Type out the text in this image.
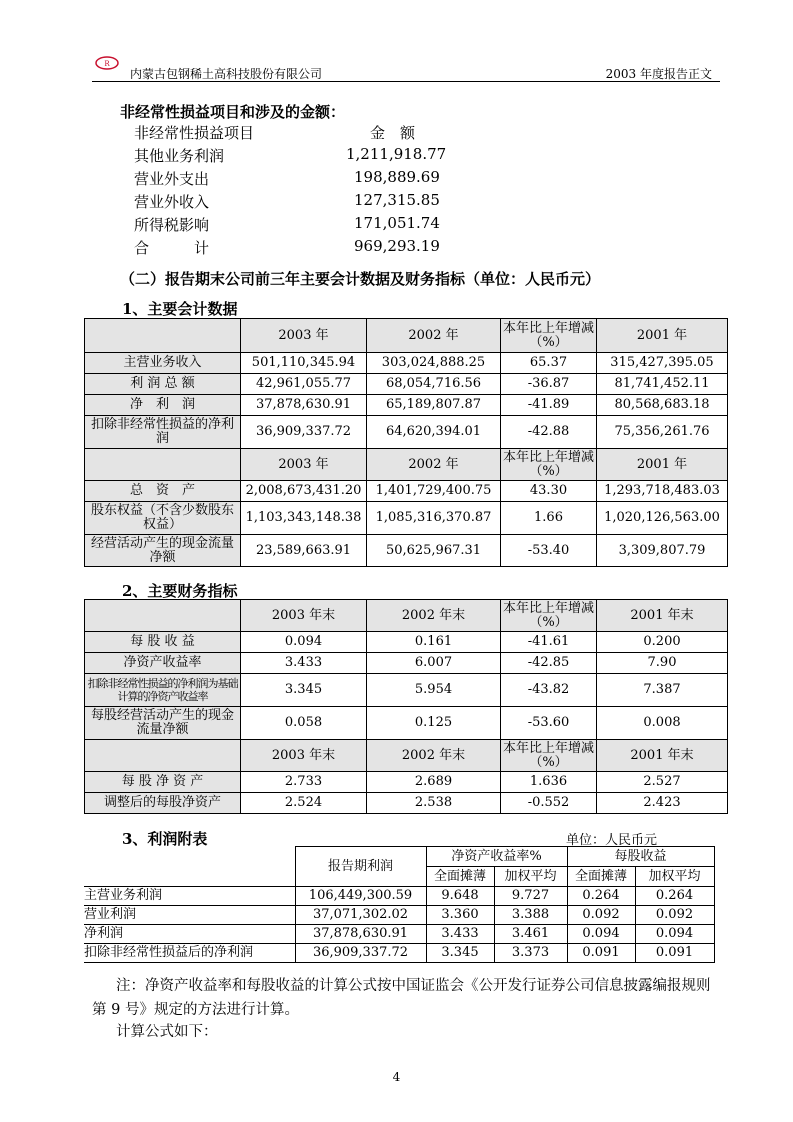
R
内蒙古包钢稀土高科技股份有限公司	2003 年度报告正文
非经常性损益项目和涉及的金额：
非经常性损益项目	金　额
其他业务利润	1,211,918.77
营业外支出	198,889.69
营业外收入	127,315.85
所得税影响	171,051.74
合　　　计	969,293.19
（二）报告期末公司前三年主要会计数据及财务指标（单位：人民币元）
1、主要会计数据
	2003 年	2002 年	本年比上年增减（%）	2001 年
主营业务收入	501,110,345.94	303,024,888.25	65.37	315,427,395.05
利 润 总 额	42,961,055.77	68,054,716.56	-36.87	81,741,452.11
净　利　润	37,878,630.91	65,189,807.87	-41.89	80,568,683.18
扣除非经常性损益的净利润	36,909,337.72	64,620,394.01	-42.88	75,356,261.76
	2003 年	2002 年	本年比上年增减（%）	2001 年
总　资　产	2,008,673,431.20	1,401,729,400.75	43.30	1,293,718,483.03
股东权益（不含少数股东权益）	1,103,343,148.38	1,085,316,370.87	1.66	1,020,126,563.00
经营活动产生的现金流量净额	23,589,663.91	50,625,967.31	-53.40	3,309,807.79
2、主要财务指标
	2003 年末	2002 年末	本年比上年增减（%）	2001 年末
每 股 收 益	0.094	0.161	-41.61	0.200
净资产收益率	3.433	6.007	-42.85	7.90
扣除非经常性损益的净利润为基础计算的净资产收益率	3.345	5.954	-43.82	7.387
每股经营活动产生的现金流量净额	0.058	0.125	-53.60	0.008
	2003 年末	2002 年末	本年比上年增减（%）	2001 年末
每 股 净 资 产	2.733	2.689	1.636	2.527
调整后的每股净资产	2.524	2.538	-0.552	2.423
3、利润附表	单位：人民币元
	报告期利润	净资产收益率%		每股收益	
		全面摊薄	加权平均	全面摊薄	加权平均
主营业务利润	106,449,300.59	9.648	9.727	0.264	0.264
营业利润	37,071,302.02	3.360	3.388	0.092	0.092
净利润	37,878,630.91	3.433	3.461	0.094	0.094
扣除非经常性损益后的净利润	36,909,337.72	3.345	3.373	0.091	0.091
注：净资产收益率和每股收益的计算公式按中国证监会《公开发行证券公司信息披露编报规则第 9 号》规定的方法进行计算。
计算公式如下：
4
